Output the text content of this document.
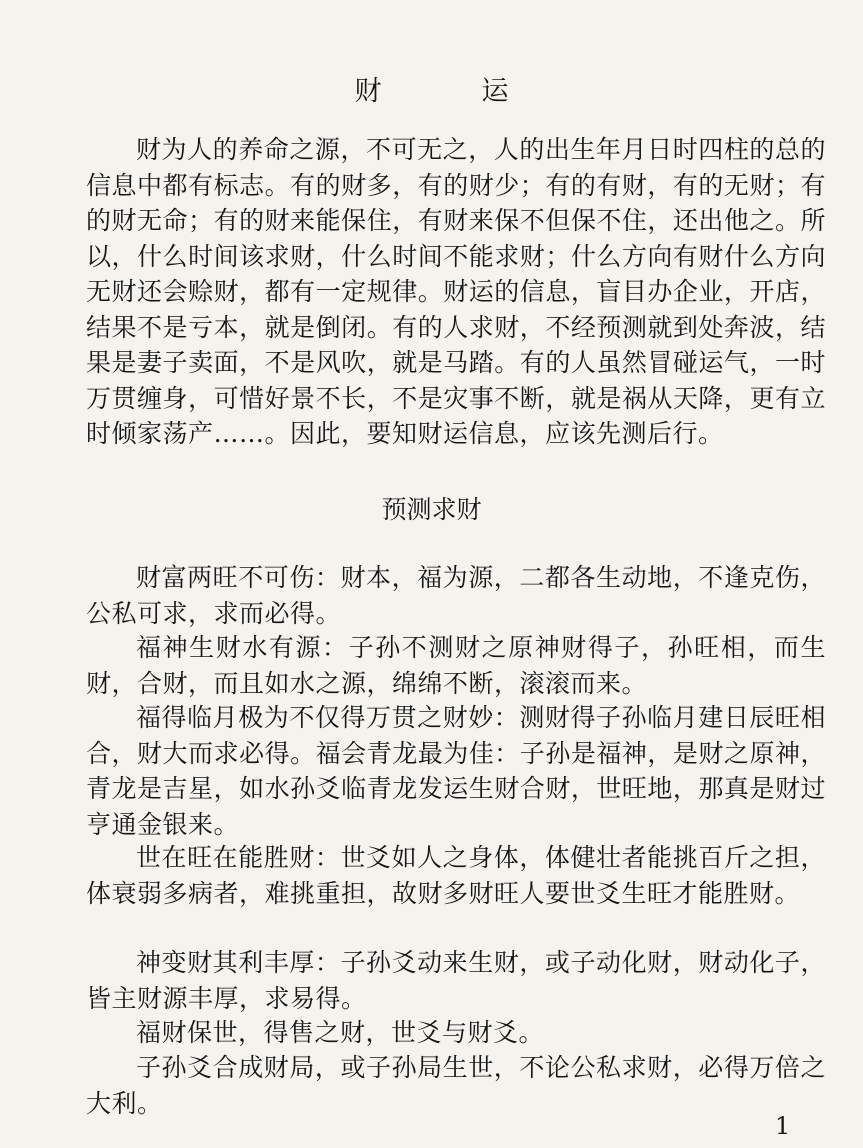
财运

财为人的养命之源，不可无之，人的出生年月日时四柱的总的信息中都有标志。有的财多，有的财少；有的有财，有的无财；有的财无命；有的财来能保住，有财来保不但保不住，还出他之。所以，什么时间该求财，什么时间不能求财；什么方向有财什么方向无财还会赊财，都有一定规律。财运的信息，盲目办企业，开店，结果不是亏本，就是倒闭。有的人求财，不经预测就到处奔波，结果是妻子卖面，不是风吹，就是马踏。有的人虽然冒碰运气，一时万贯缠身，可惜好景不长，不是灾事不断，就是祸从天降，更有立时倾家荡产……。因此，要知财运信息，应该先测后行。

预测求财

财富两旺不可伤：财本，福为源，二都各生动地，不逢克伤，公私可求，求而必得。

福神生财水有源：子孙不测财之原神财得子，孙旺相，而生财，合财，而且如水之源，绵绵不断，滚滚而来。

福得临月极为不仅得万贯之财妙：测财得子孙临月建日辰旺相合，财大而求必得。福会青龙最为佳：子孙是福神，是财之原神，青龙是吉星，如水孙爻临青龙发运生财合财，世旺地，那真是财过亨通金银来。

世在旺在能胜财：世爻如人之身体，体健壮者能挑百斤之担，体衰弱多病者，难挑重担，故财多财旺人要世爻生旺才能胜财。

神变财其利丰厚：子孙爻动来生财，或子动化财，财动化子，皆主财源丰厚，求易得。

福财保世，得售之财，世爻与财爻。

子孙爻合成财局，或子孙局生世，不论公私求财，必得万倍之大利。

1
